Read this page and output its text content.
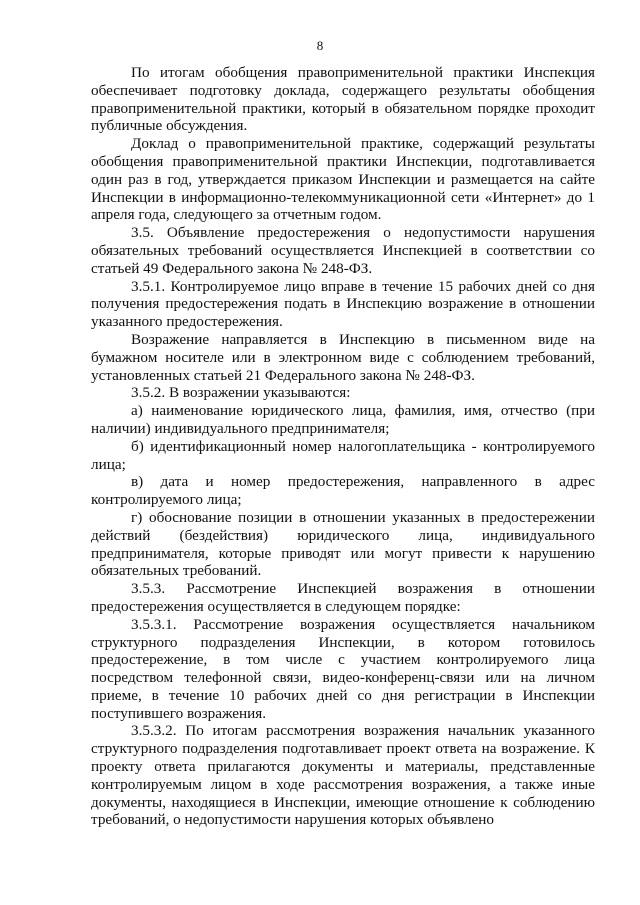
8

По итогам обобщения правоприменительной практики Инспекция обеспечивает подготовку доклада, содержащего результаты обобщения правоприменительной практики, который в обязательном порядке проходит публичные обсуждения.

Доклад о правоприменительной практике, содержащий результаты обобщения правоприменительной практики Инспекции, подготавливается один раз в год, утверждается приказом Инспекции и размещается на сайте Инспекции в информационно-телекоммуникационной сети «Интернет» до 1 апреля года, следующего за отчетным годом.

3.5. Объявление предостережения о недопустимости нарушения обязательных требований осуществляется Инспекцией в соответствии со статьей 49 Федерального закона № 248-ФЗ.

3.5.1. Контролируемое лицо вправе в течение 15 рабочих дней со дня получения предостережения подать в Инспекцию возражение в отношении указанного предостережения.

Возражение направляется в Инспекцию в письменном виде на бумажном носителе или в электронном виде с соблюдением требований, установленных статьей 21 Федерального закона № 248-ФЗ.

3.5.2. В возражении указываются:

а) наименование юридического лица, фамилия, имя, отчество (при наличии) индивидуального предпринимателя;

б) идентификационный номер налогоплательщика - контролируемого лица;

в) дата и номер предостережения, направленного в адрес контролируемого лица;

г) обоснование позиции в отношении указанных в предостережении действий (бездействия) юридического лица, индивидуального предпринимателя, которые приводят или могут привести к нарушению обязательных требований.

3.5.3. Рассмотрение Инспекцией возражения в отношении предостережения осуществляется в следующем порядке:

3.5.3.1. Рассмотрение возражения осуществляется начальником структурного подразделения Инспекции, в котором готовилось предостережение, в том числе с участием контролируемого лица посредством телефонной связи, видео-конференц-связи или на личном приеме, в течение 10 рабочих дней со дня регистрации в Инспекции поступившего возражения.

3.5.3.2. По итогам рассмотрения возражения начальник указанного структурного подразделения подготавливает проект ответа на возражение. К проекту ответа прилагаются документы и материалы, представленные контролируемым лицом в ходе рассмотрения возражения, а также иные документы, находящиеся в Инспекции, имеющие отношение к соблюдению требований, о недопустимости нарушения которых объявлено
